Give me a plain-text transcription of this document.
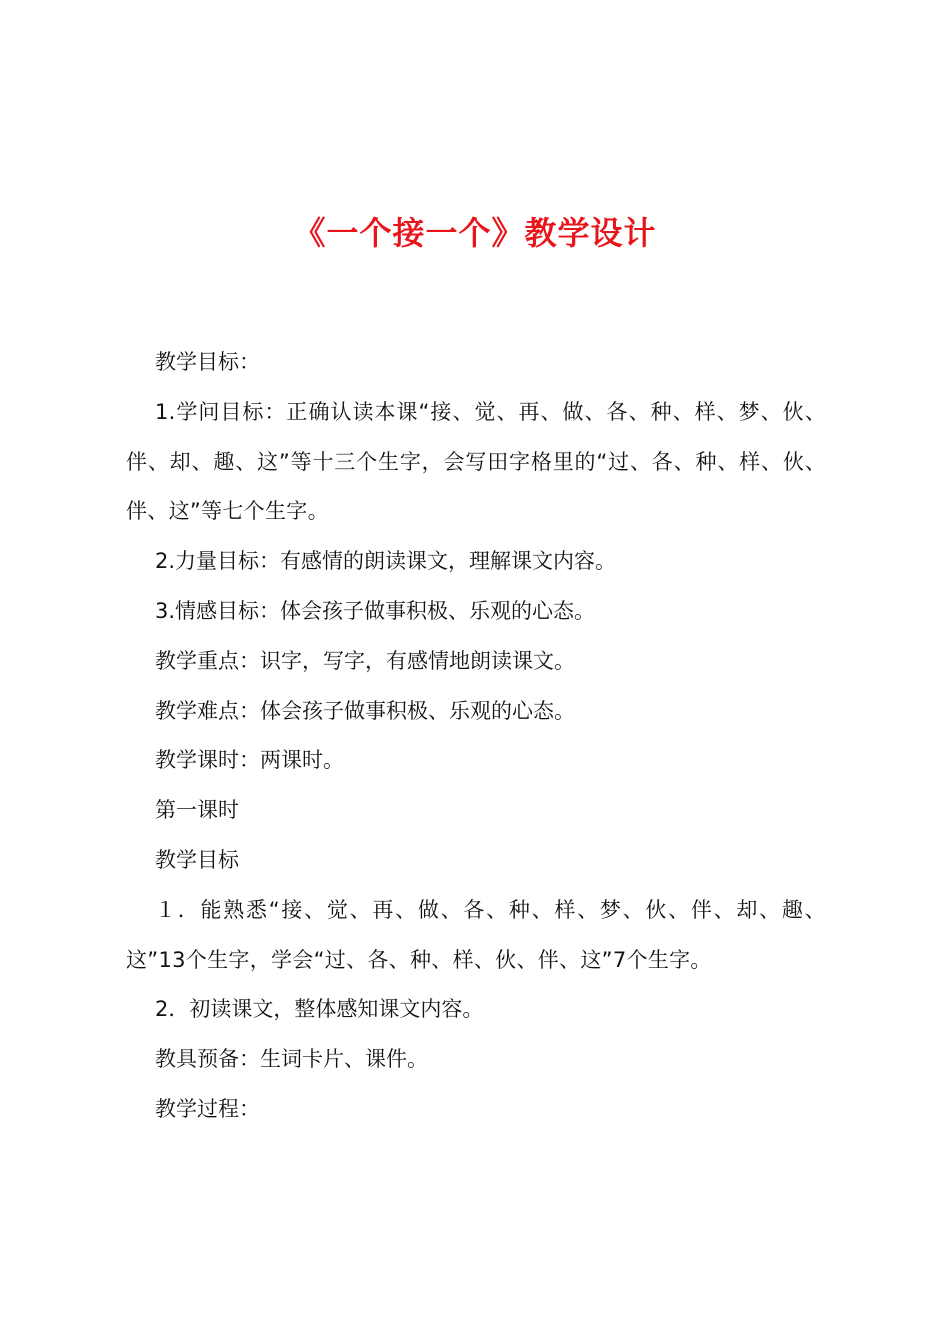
《一个接一个》教学设计

教学目标：

1.学问目标：正确认读本课“接、觉、再、做、各、种、样、梦、伙、伴、却、趣、这”等十三个生字，会写田字格里的“过、各、种、样、伙、伴、这”等七个生字。

2.力量目标：有感情的朗读课文，理解课文内容。

3.情感目标：体会孩子做事积极、乐观的心态。

教学重点：识字，写字，有感情地朗读课文。

教学难点：体会孩子做事积极、乐观的心态。

教学课时：两课时。

第一课时

教学目标

１．能熟悉“接、觉、再、做、各、种、样、梦、伙、伴、却、趣、这”13个生字，学会“过、各、种、样、伙、伴、这”7个生字。

2．初读课文，整体感知课文内容。

教具预备：生词卡片、课件。

教学过程：
